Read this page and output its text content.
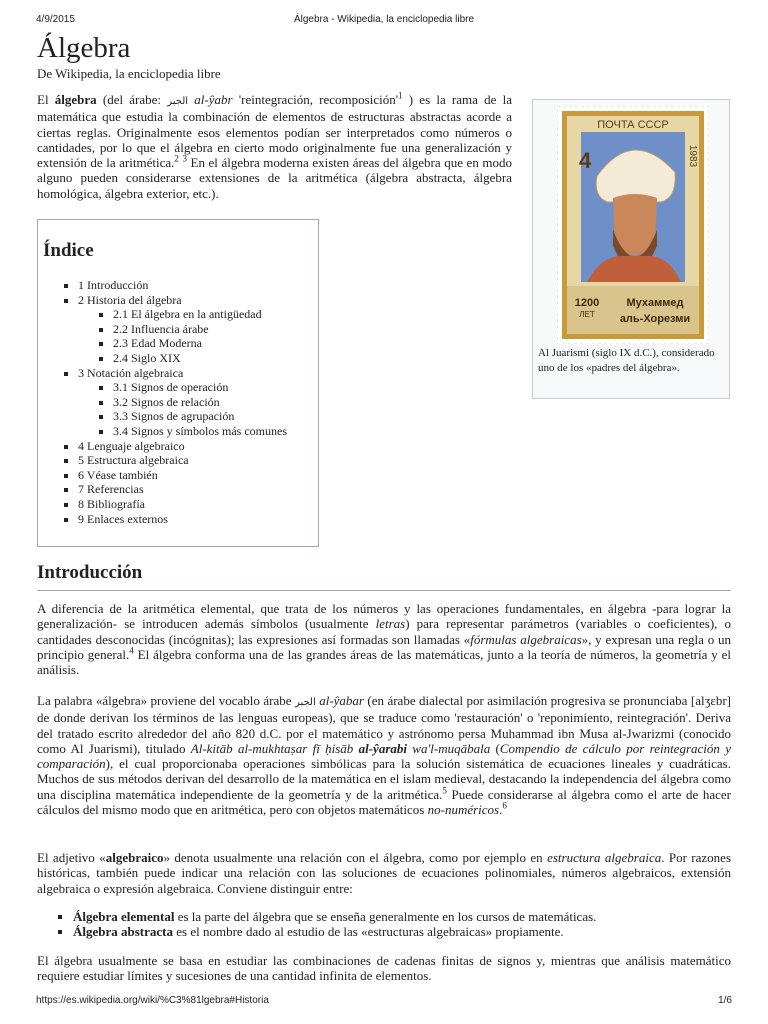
4/9/2015	Álgebra - Wikipedia, la enciclopedia libre
Álgebra
De Wikipedia, la enciclopedia libre

El álgebra (del árabe: الجبر al-ŷabr 'reintegración, $recomposición'^1$ ) es la rama de la matemática que estudia la combinación de elementos de estructuras abstractas acorde a ciertas reglas. Originalmente esos elementos podían ser interpretados como números o cantidades, por lo que el álgebra en cierto modo originalmente fue una generalización y extensión de la aritmética.$^2$ $^3$ En el álgebra moderna existen áreas del álgebra que en modo alguno pueden considerarse extensiones de la aritmética (álgebra abstracta, álgebra homológica, álgebra exterior, etc.).

ПОЧТА СССР
1983
4
1200
ЛЕТ
Мухаммед
аль-Хорезми
Al Juarismi (siglo IX d.C.), considerado uno de los «padres del álgebra».
Índice
1 Introducción
2 Historia del álgebra
2.1 El álgebra en la antigüedad
2.2 Influencia árabe
2.3 Edad Moderna
2.4 Siglo XIX
3 Notación algebraica
3.1 Signos de operación
3.2 Signos de relación
3.3 Signos de agrupación
3.4 Signos y símbolos más comunes
4 Lenguaje algebraico
5 Estructura algebraica
6 Véase también
7 Referencias
8 Bibliografía
9 Enlaces externos
Introducción

A diferencia de la aritmética elemental, que trata de los números y las operaciones fundamentales, en álgebra -para lograr la generalización- se introducen además símbolos (usualmente letras) para representar parámetros (variables o coeficientes), o cantidades desconocidas (incógnitas); las expresiones así formadas son llamadas «fórmulas algebraicas», y expresan una regla o un principio general.$^4$ El álgebra conforma una de las grandes áreas de las matemáticas, junto a la teoría de números, la geometría y el análisis.

La palabra «álgebra» proviene del vocablo árabe الجبر al-ŷabar (en árabe dialectal por asimilación progresiva se pronunciaba [alʒɛbr] de donde derivan los términos de las lenguas europeas), que se traduce como 'restauración' o 'reponimiento, reintegración'. Deriva del tratado escrito alrededor del año 820 d.C. por el matemático y astrónomo persa Muhammad ibn Musa al-Jwarizmi (conocido como Al Juarismi), titulado Al-kitāb al-mukhtaṣar fī ḥisāb al-ŷarabi wa'l-muqābala (Compendio de cálculo por reintegración y comparación), el cual proporcionaba operaciones simbólicas para la solución sistemática de ecuaciones lineales y cuadráticas. Muchos de sus métodos derivan del desarrollo de la matemática en el islam medieval, destacando la independencia del álgebra como una disciplina matemática independiente de la geometría y de la aritmética.$^5$ Puede considerarse al álgebra como el arte de hacer cálculos del mismo modo que en aritmética, pero con objetos matemáticos no-numéricos.$^6$

El adjetivo «algebraico» denota usualmente una relación con el álgebra, como por ejemplo en estructura algebraica. Por razones históricas, también puede indicar una relación con las soluciones de ecuaciones polinomiales, números algebraicos, extensión algebraica o expresión algebraica. Conviene distinguir entre:

Álgebra elemental es la parte del álgebra que se enseña generalmente en los cursos de matemáticas.
Álgebra abstracta es el nombre dado al estudio de las «estructuras algebraicas» propiamente.

El álgebra usualmente se basa en estudiar las combinaciones de cadenas finitas de signos y, mientras que análisis matemático requiere estudiar límites y sucesiones de una cantidad infinita de elementos.

https://es.wikipedia.org/wiki/%C3%81lgebra#Historia	1/6
